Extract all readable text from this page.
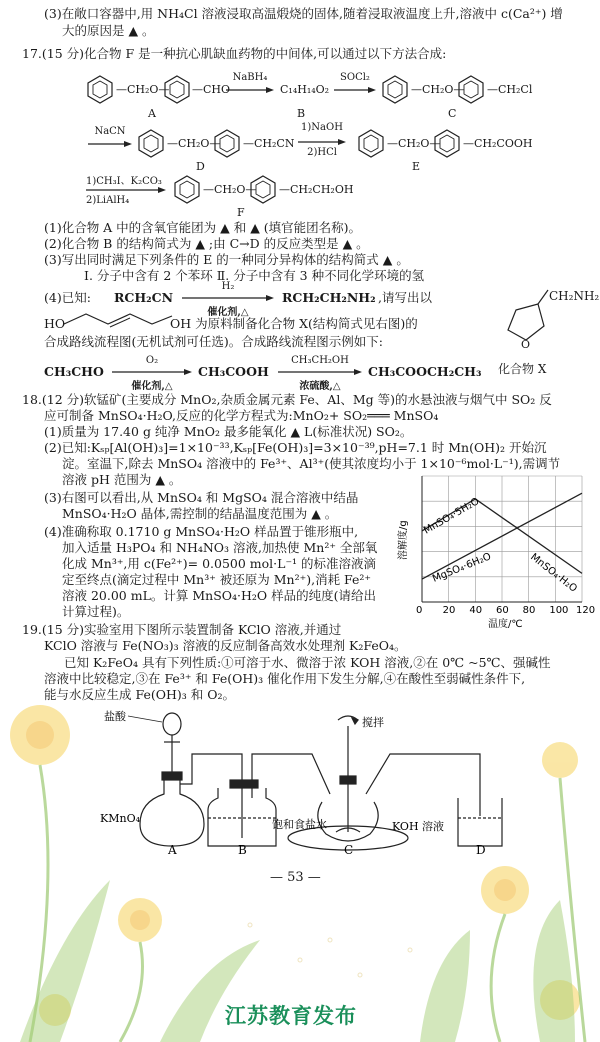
(3)在敞口容器中,用 NH₄Cl 溶液浸取高温煅烧的固体,随着浸取液温度上升,溶液中 c(Ca²⁺) 增
大的原因是 ▲ 。
17.(15 分)化合物 F 是一种抗心肌缺血药物的中间体,可以通过以下方法合成:
—CH₂O— —CHO
A
NaBH₄
→ C₁₄H₁₄O₂
B
SOCl₂
—CH₂O— —CH₂Cl
C
NaCN
—CH₂O— —CH₂CN
D
1)NaOH
2)HCl
—CH₂O— —CH₂COOH
E
1)CH₃I、K₂CO₃
2)LiAlH₄
—CH₂O— —CH₂CH₂OH
F
(1)化合物 A 中的含氧官能团为 ▲ 和 ▲ (填官能团名称)。
(2)化合物 B 的结构简式为 ▲ ;由 C→D 的反应类型是 ▲ 。
(3)写出同时满足下列条件的 E 的一种同分异构体的结构简式 ▲ 。
Ⅰ. 分子中含有 2 个苯环 Ⅱ. 分子中含有 3 种不同化学环境的氢
(4)已知: RCH₂CN
H₂
催化剂,△
RCH₂CH₂NH₂ ,请写出以
HO	OH 为原料制备化合物 X(结构简式见右图)的
合成路线流程图(无机试剂可任选)。合成路线流程图示例如下:
CH₂NH₂
O
化合物 X
CH₃CHO
O₂
催化剂,△
CH₃COOH
CH₃CH₂OH
浓硫酸,△
CH₃COOCH₂CH₃
18.(12 分)软锰矿(主要成分 MnO₂,杂质金属元素 Fe、Al、Mg 等)的水悬浊液与烟气中 SO₂ 反
应可制备 MnSO₄·H₂O,反应的化学方程式为:MnO₂+ SO₂═══ MnSO₄
(1)质量为 17.40 g 纯净 MnO₂ 最多能氧化 ▲ L(标准状况) SO₂。
(2)已知:Kₛₚ[Al(OH)₃]=1×10⁻³³,Kₛₚ[Fe(OH)₃]=3×10⁻³⁹,pH=7.1 时 Mn(OH)₂ 开始沉
淀。室温下,除去 MnSO₄ 溶液中的 Fe³⁺、Al³⁺(使其浓度均小于 1×10⁻⁶mol·L⁻¹),需调节
溶液 pH 范围为 ▲ 。
(3)右图可以看出,从 MnSO₄ 和 MgSO₄ 混合溶液中结晶
MnSO₄·H₂O 晶体,需控制的结晶温度范围为 ▲ 。
(4)准确称取 0.1710 g MnSO₄·H₂O 样品置于锥形瓶中,
加入适量 H₃PO₄ 和 NH₄NO₃ 溶液,加热使 Mn²⁺ 全部氧
化成 Mn³⁺,用 c(Fe²⁺)= 0.0500 mol·L⁻¹ 的标准溶液滴
定至终点(滴定过程中 Mn³⁺ 被还原为 Mn²⁺),消耗 Fe²⁺
溶液 20.00 mL。计算 MnSO₄·H₂O 样品的纯度(请给出
计算过程)。	0 20 40 60 80 100 120
MnSO₄·5H₂O
MnSO₄·H₂O
MgSO₄·6H₂O
溶解度/g
温度/℃
19.(15 分)实验室用下图所示装置制备 KClO 溶液,并通过
KClO 溶液与 Fe(NO₃)₃ 溶液的反应制备高效水处理剂 K₂FeO₄。
已知 K₂FeO₄ 具有下列性质:①可溶于水、微溶于浓 KOH 溶液,②在 0℃ ~5℃、强碱性
溶液中比较稳定,③在 Fe³⁺ 和 Fe(OH)₃ 催化作用下发生分解,④在酸性至弱碱性条件下,
能与水反应生成 Fe(OH)₃ 和 O₂。
盐酸
KMnO₄	饱和食盐水
搅拌
KOH 溶液
A	B	C	D
— 53 —
江苏教育发布
